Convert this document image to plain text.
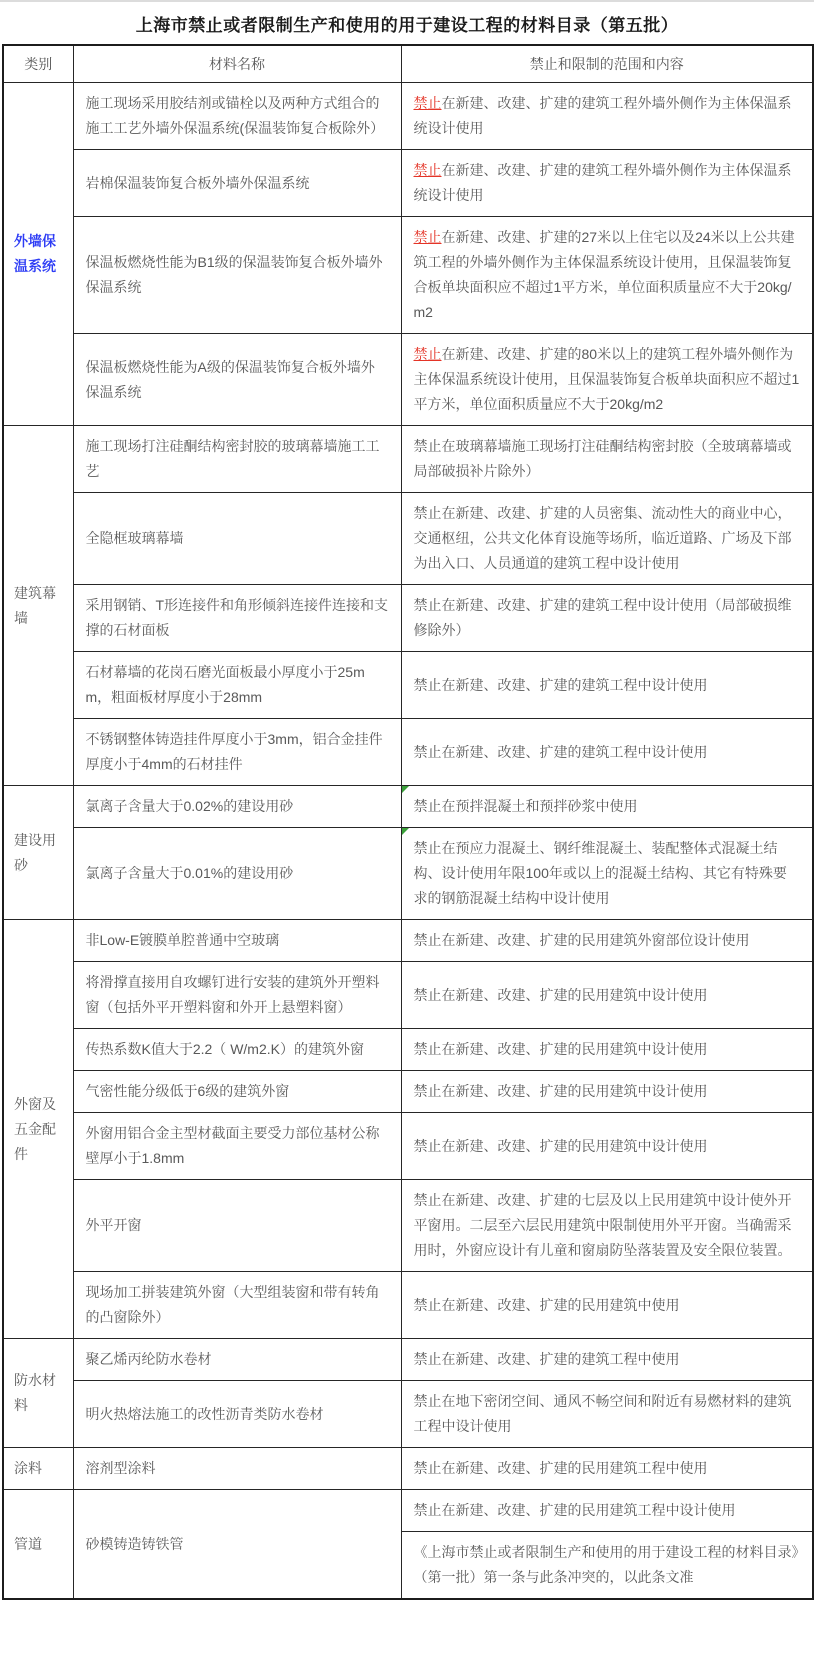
上海市禁止或者限制生产和使用的用于建设工程的材料目录（第五批）
类别	材料名称	禁止和限制的范围和内容
外墙保温系统	施工现场采用胶结剂或锚栓以及两种方式组合的施工工艺外墙外保温系统(保温装饰复合板除外）	禁止在新建、改建、扩建的建筑工程外墙外侧作为主体保温系统设计使用
	岩棉保温装饰复合板外墙外保温系统	禁止在新建、改建、扩建的建筑工程外墙外侧作为主体保温系统设计使用
	保温板燃烧性能为B1级的保温装饰复合板外墙外保温系统	禁止在新建、改建、扩建的27米以上住宅以及24米以上公共建筑工程的外墙外侧作为主体保温系统设计使用，且保温装饰复合板单块面积应不超过1平方米，单位面积质量应不大于20kg/m2
	保温板燃烧性能为A级的保温装饰复合板外墙外保温系统	禁止在新建、改建、扩建的80米以上的建筑工程外墙外侧作为主体保温系统设计使用，且保温装饰复合板单块面积应不超过1平方米，单位面积质量应不大于20kg/m2
建筑幕墙	施工现场打注硅酮结构密封胶的玻璃幕墙施工工艺	禁止在玻璃幕墙施工现场打注硅酮结构密封胶（全玻璃幕墙或局部破损补片除外）
	全隐框玻璃幕墙	禁止在新建、改建、扩建的人员密集、流动性大的商业中心，交通枢纽，公共文化体育设施等场所，临近道路、广场及下部为出入口、人员通道的建筑工程中设计使用
	采用钢销、T形连接件和角形倾斜连接件连接和支撑的石材面板	禁止在新建、改建、扩建的建筑工程中设计使用（局部破损维修除外）
	石材幕墙的花岗石磨光面板最小厚度小于25mm，粗面板材厚度小于28mm	禁止在新建、改建、扩建的建筑工程中设计使用
	不锈钢整体铸造挂件厚度小于3mm，铝合金挂件厚度小于4mm的石材挂件	禁止在新建、改建、扩建的建筑工程中设计使用
建设用砂	氯离子含量大于0.02%的建设用砂	禁止在预拌混凝土和预拌砂浆中使用
	氯离子含量大于0.01%的建设用砂	禁止在预应力混凝土、钢纤维混凝土、装配整体式混凝土结构、设计使用年限100年或以上的混凝土结构、其它有特殊要求的钢筋混凝土结构中设计使用
外窗及五金配件	非Low-E镀膜单腔普通中空玻璃	禁止在新建、改建、扩建的民用建筑外窗部位设计使用
	将滑撑直接用自攻螺钉进行安装的建筑外开塑料窗（包括外平开塑料窗和外开上悬塑料窗）	禁止在新建、改建、扩建的民用建筑中设计使用
	传热系数K值大于2.2（ W/m2.K）的建筑外窗	禁止在新建、改建、扩建的民用建筑中设计使用
	气密性能分级低于6级的建筑外窗	禁止在新建、改建、扩建的民用建筑中设计使用
	外窗用铝合金主型材截面主要受力部位基材公称壁厚小于1.8mm	禁止在新建、改建、扩建的民用建筑中设计使用
	外平开窗	禁止在新建、改建、扩建的七层及以上民用建筑中设计使外开平窗用。二层至六层民用建筑中限制使用外平开窗。当确需采用时，外窗应设计有儿童和窗扇防坠落装置及安全限位装置。
	现场加工拼装建筑外窗（大型组装窗和带有转角的凸窗除外）	禁止在新建、改建、扩建的民用建筑中使用
防水材料	聚乙烯丙纶防水卷材	禁止在新建、改建、扩建的建筑工程中使用
	明火热熔法施工的改性沥青类防水卷材	禁止在地下密闭空间、通风不畅空间和附近有易燃材料的建筑工程中设计使用
涂料	溶剂型涂料	禁止在新建、改建、扩建的民用建筑工程中使用
管道	砂模铸造铸铁管	禁止在新建、改建、扩建的民用建筑工程中设计使用
		《上海市禁止或者限制生产和使用的用于建设工程的材料目录》（第一批）第一条与此条冲突的，以此条文准
